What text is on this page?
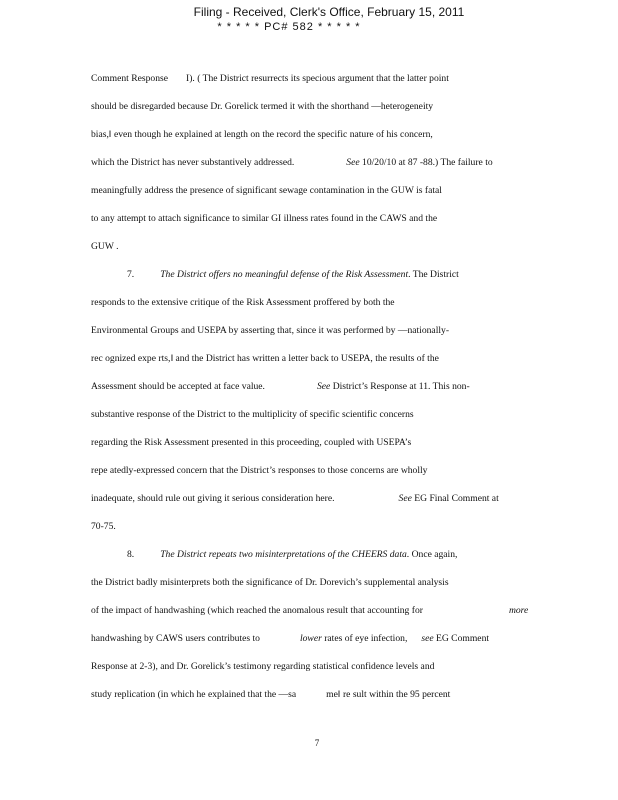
Filing - Received, Clerk's Office, February 15, 2011
* * * * * PC# 582 * * * * *
Comment Response I). ( The District resurrects its specious argument that the latter point
should be disregarded because Dr. Gorelick termed it with the shorthand —heterogeneity
bias,‖ even though he explained at length on the record the specific nature of his concern,
which the District has never substantively addressed.	See 10/20/10 at 87 -88.) The failure to
meaningfully address the presence of significant sewage contamination in the GUW is fatal
to any attempt to attach significance to similar GI illness rates found in the CAWS and the
GUW .
7.	The District offers no meaningful defense of the Risk Assessment. The District
responds to the extensive critique of the Risk Assessment proffered by both the
Environmental Groups and USEPA by asserting that, since it was performed by —nationally-
rec ognized expe rts,‖ and the District has written a letter back to USEPA, the results of the
Assessment should be accepted at face value.	See District’s Response at 11. This non-
substantive response of the District to the multiplicity of specific scientific concerns
regarding the Risk Assessment presented in this proceeding, coupled with USEPA’s
repe atedly-expressed concern that the District’s responses to those concerns are wholly
inadequate, should rule out giving it serious consideration here.	See EG Final Comment at
70-75.
8.	The District repeats two misinterpretations of the CHEERS data. Once again,
the District badly misinterprets both the significance of Dr. Dorevich’s supplemental analysis
of the impact of handwashing (which reached the anomalous result that accounting for	more
handwashing by CAWS users contributes to	lower rates of eye infection, see EG Comment
Response at 2-3), and Dr. Gorelick’s testimony regarding statistical confidence levels and
study replication (in which he explained that the —sa	me‖ re sult within the 95 percent
7
